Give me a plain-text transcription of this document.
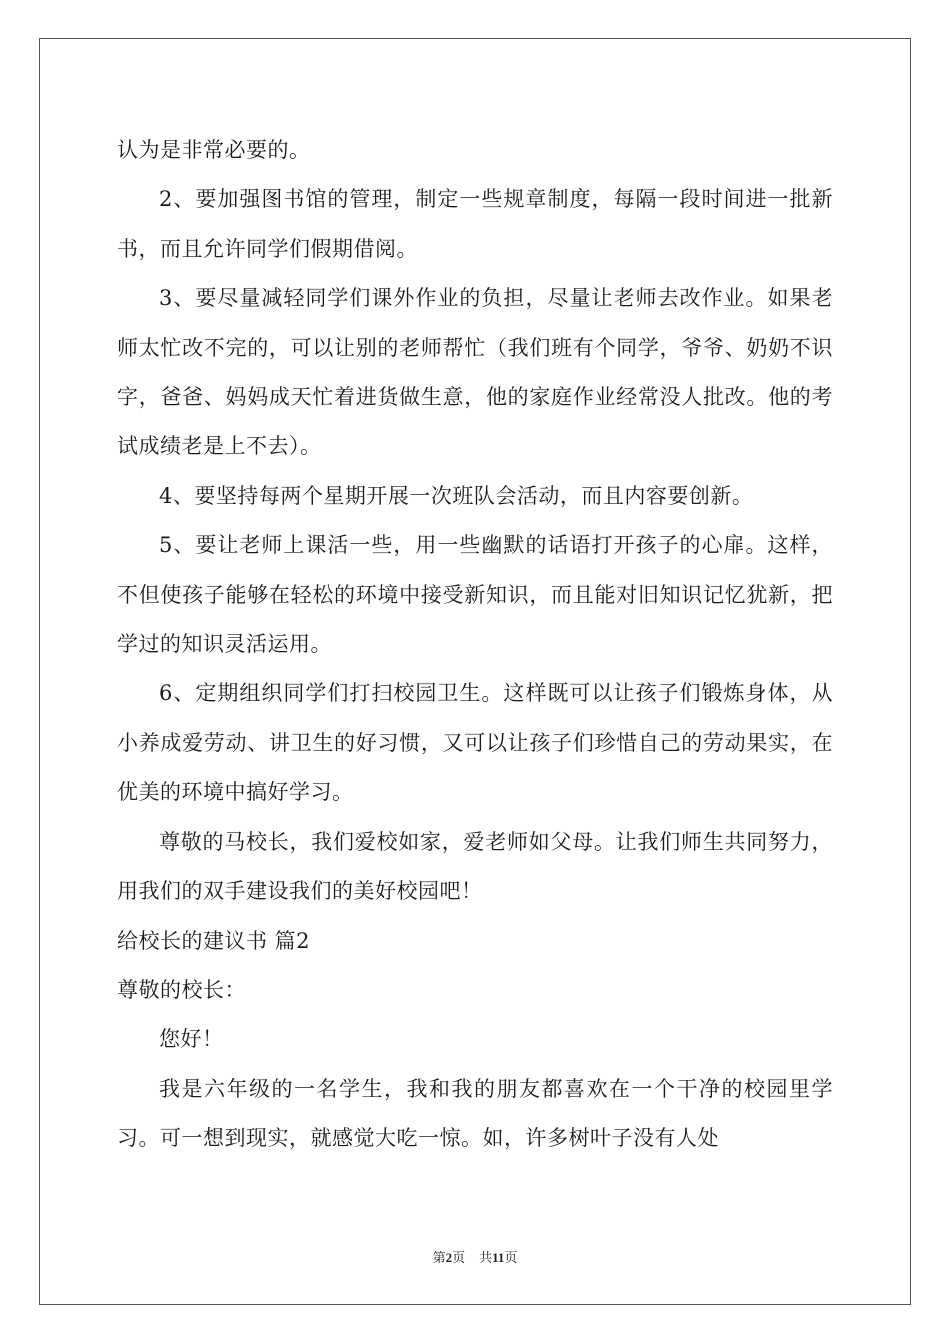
认为是非常必要的。

2、要加强图书馆的管理，制定一些规章制度，每隔一段时间进一批新书，而且允许同学们假期借阅。

3、要尽量减轻同学们课外作业的负担，尽量让老师去改作业。如果老师太忙改不完的，可以让别的老师帮忙（我们班有个同学，爷爷、奶奶不识字，爸爸、妈妈成天忙着进货做生意，他的家庭作业经常没人批改。他的考试成绩老是上不去）。

4、要坚持每两个星期开展一次班队会活动，而且内容要创新。

5、要让老师上课活一些，用一些幽默的话语打开孩子的心扉。这样，不但使孩子能够在轻松的环境中接受新知识，而且能对旧知识记忆犹新，把学过的知识灵活运用。

6、定期组织同学们打扫校园卫生。这样既可以让孩子们锻炼身体，从小养成爱劳动、讲卫生的好习惯，又可以让孩子们珍惜自己的劳动果实，在优美的环境中搞好学习。

尊敬的马校长，我们爱校如家，爱老师如父母。让我们师生共同努力，用我们的双手建设我们的美好校园吧！

给校长的建议书 篇2

尊敬的校长：

您好！

我是六年级的一名学生，我和我的朋友都喜欢在一个干净的校园里学习。可一想到现实，就感觉大吃一惊。如，许多树叶子没有人处

第2页 共11页
